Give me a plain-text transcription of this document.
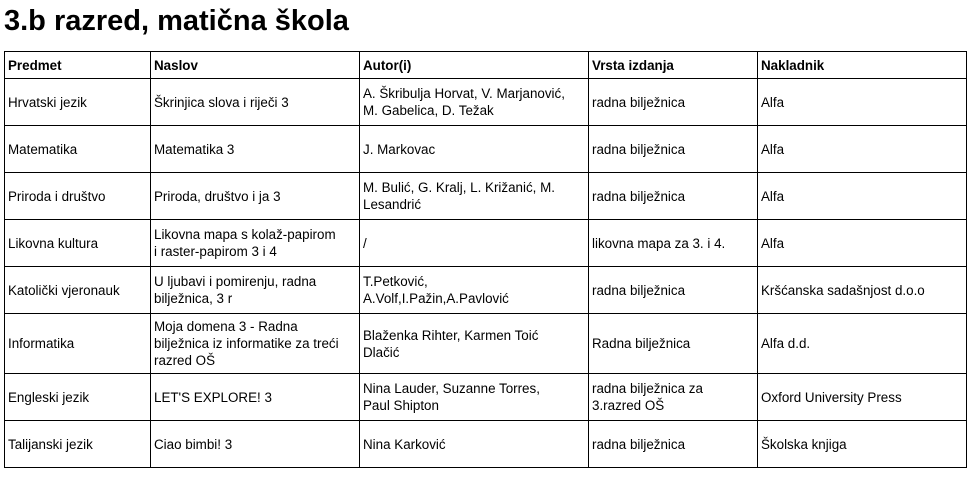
3.b razred, matična škola
Predmet	Naslov	Autor(i)	Vrsta izdanja	Nakladnik

Hrvatski jezik	Škrinjica slova i riječi 3	A. Škribulja Horvat, V. Marjanović,
M. Gabelica, D. Težak	radna bilježnica	Alfa

Matematika	Matematika 3	J. Markovac	radna bilježnica	Alfa

Priroda i društvo	Priroda, društvo i ja 3	M. Bulić, G. Kralj, L. Križanić, M.
Lesandrić	radna bilježnica	Alfa

Likovna kultura	Likovna mapa s kolaž-papirom
i raster-papirom 3 i 4	/	likovna mapa za 3. i 4.	Alfa

Katolički vjeronauk	U ljubavi i pomirenju, radna
bilježnica, 3 r	T.Petković,
A.Volf,I.Pažin,A.Pavlović	radna bilježnica	Kršćanska sadašnjost d.o.o

Informatika	Moja domena 3 - Radna
bilježnica iz informatike za treći
razred OŠ	Blaženka Rihter, Karmen Toić
Dlačić	Radna bilježnica	Alfa d.d.

Engleski jezik	LET'S EXPLORE! 3	Nina Lauder, Suzanne Torres,
Paul Shipton	radna bilježnica za
3.razred OŠ	Oxford University Press

Talijanski jezik	Ciao bimbi! 3	Nina Karković	radna bilježnica	Školska knjiga
